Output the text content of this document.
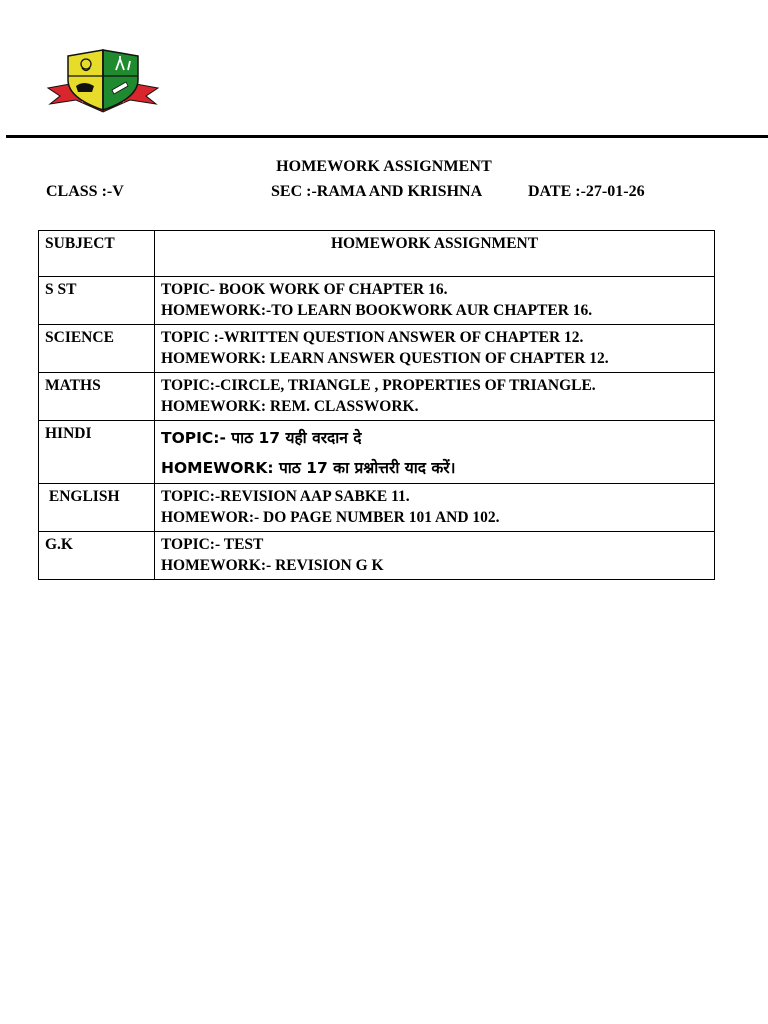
HOMEWORK ASSIGNMENT
CLASS :-V	SEC :-RAMA AND KRISHNA	DATE :-27-01-26
SUBJECT	HOMEWORK ASSIGNMENT
S ST	TOPIC- BOOK WORK OF CHAPTER 16.
HOMEWORK:-TO LEARN BOOKWORK AUR CHAPTER 16.

SCIENCE	TOPIC :-WRITTEN QUESTION ANSWER OF CHAPTER 12.
HOMEWORK: LEARN ANSWER QUESTION OF CHAPTER 12.

MATHS	TOPIC:-CIRCLE, TRIANGLE , PROPERTIES OF TRIANGLE.
HOMEWORK: REM. CLASSWORK.

HINDI	TOPIC:- पाठ 17 यही वरदान दे
HOMEWORK: पाठ 17 का प्रश्नोत्तरी याद करें।

ENGLISH	TOPIC:-REVISION AAP SABKE 11.
HOMEWOR:- DO PAGE NUMBER 101 AND 102.

G.K	TOPIC:- TEST
HOMEWORK:- REVISION G K
